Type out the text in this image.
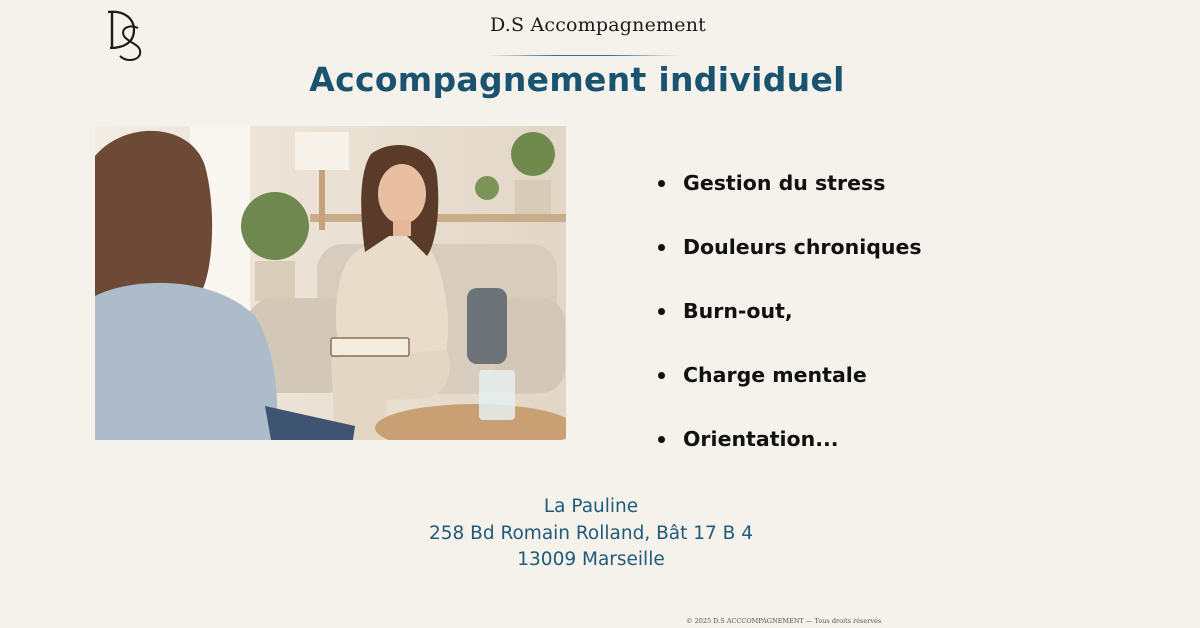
D.S Accompagnement
Accompagnement individuel
Gestion du stress
Douleurs chroniques
Burn-out,
Charge mentale
Orientation...
La Pauline
258 Bd Romain Rolland, Bât 17 B 4
13009 Marseille
© 2025 D.S ACCCOMPAGNEMENT — Tous droits réservés
